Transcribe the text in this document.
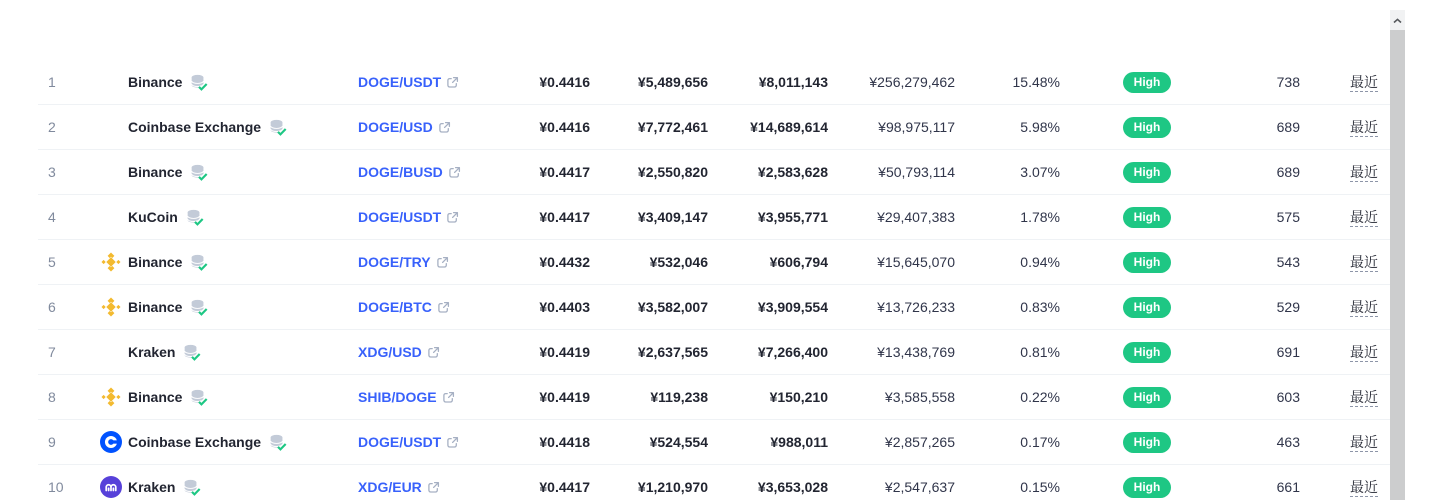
1	Binance	DOGE/USDT	¥0.4416	¥5,489,656	¥8,011,143	¥256,279,462	15.48%	High	738	最近
2	Coinbase Exchange	DOGE/USD	¥0.4416	¥7,772,461	¥14,689,614	¥98,975,117	5.98%	High	689	最近
3	Binance	DOGE/BUSD	¥0.4417	¥2,550,820	¥2,583,628	¥50,793,114	3.07%	High	689	最近
4	KuCoin	DOGE/USDT	¥0.4417	¥3,409,147	¥3,955,771	¥29,407,383	1.78%	High	575	最近
5	Binance	DOGE/TRY	¥0.4432	¥532,046	¥606,794	¥15,645,070	0.94%	High	543	最近
6	Binance	DOGE/BTC	¥0.4403	¥3,582,007	¥3,909,554	¥13,726,233	0.83%	High	529	最近
7	Kraken	XDG/USD	¥0.4419	¥2,637,565	¥7,266,400	¥13,438,769	0.81%	High	691	最近
8	Binance	SHIB/DOGE	¥0.4419	¥119,238	¥150,210	¥3,585,558	0.22%	High	603	最近
9	Coinbase Exchange	DOGE/USDT	¥0.4418	¥524,554	¥988,011	¥2,857,265	0.17%	High	463	最近
10	Kraken	XDG/EUR	¥0.4417	¥1,210,970	¥3,653,028	¥2,547,637	0.15%	High	661	最近
